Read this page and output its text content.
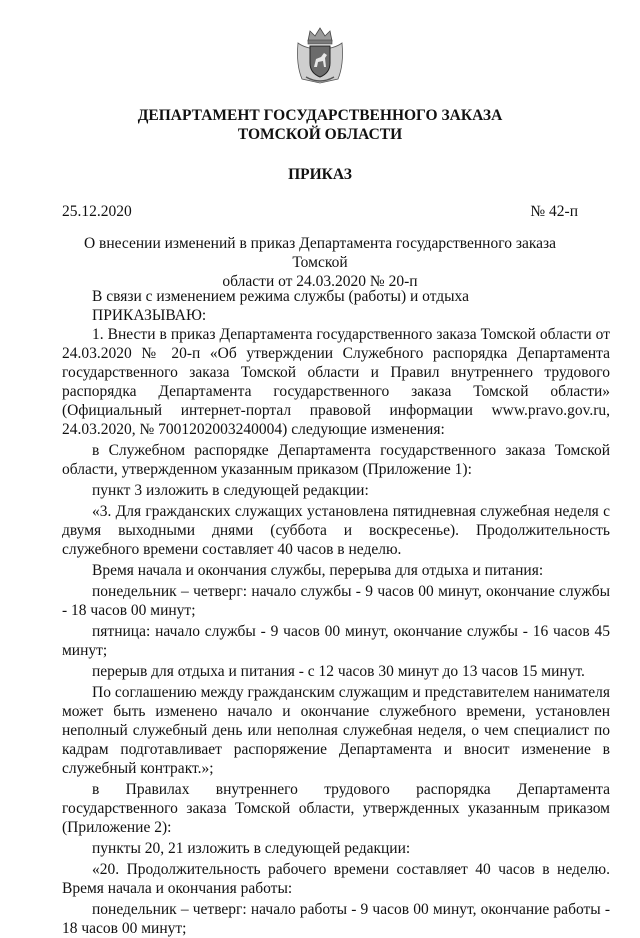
ДЕПАРТАМЕНТ ГОСУДАРСТВЕННОГО ЗАКАЗА
ТОМСКОЙ ОБЛАСТИ
ПРИКАЗ
25.12.2020	№ 42-п
О внесении изменений в приказ Департамента государственного заказа Томской
области от 24.03.2020 № 20-п

В связи с изменением режима службы (работы) и отдыха

ПРИКАЗЫВАЮ:

1. Внести в приказ Департамента государственного заказа Томской области от 24.03.2020 № 20-п «Об утверждении Служебного распорядка Департамента государственного заказа Томской области и Правил внутреннего трудового распорядка Департамента государственного заказа Томской области» (Официальный интернет-портал правовой информации www.pravo.gov.ru, 24.03.2020, № 7001202003240004) следующие изменения:

в Служебном распорядке Департамента государственного заказа Томской области, утвержденном указанным приказом (Приложение 1):

пункт 3 изложить в следующей редакции:

«3. Для гражданских служащих установлена пятидневная служебная неделя с двумя выходными днями (суббота и воскресенье). Продолжительность служебного времени составляет 40 часов в неделю.

Время начала и окончания службы, перерыва для отдыха и питания:

понедельник – четверг: начало службы - 9 часов 00 минут, окончание службы - 18 часов 00 минут;

пятница: начало службы - 9 часов 00 минут, окончание службы - 16 часов 45 минут;

перерыв для отдыха и питания - с 12 часов 30 минут до 13 часов 15 минут.

По соглашению между гражданским служащим и представителем нанимателя может быть изменено начало и окончание служебного времени, установлен неполный служебный день или неполная служебная неделя, о чем специалист по кадрам подготавливает распоряжение Департамента и вносит изменение в служебный контракт.»;

в Правилах внутреннего трудового распорядка Департамента государственного заказа Томской области, утвержденных указанным приказом (Приложение 2):

пункты 20, 21 изложить в следующей редакции:

«20. Продолжительность рабочего времени составляет 40 часов в неделю. Время начала и окончания работы:

понедельник – четверг: начало работы - 9 часов 00 минут, окончание работы - 18 часов 00 минут;
